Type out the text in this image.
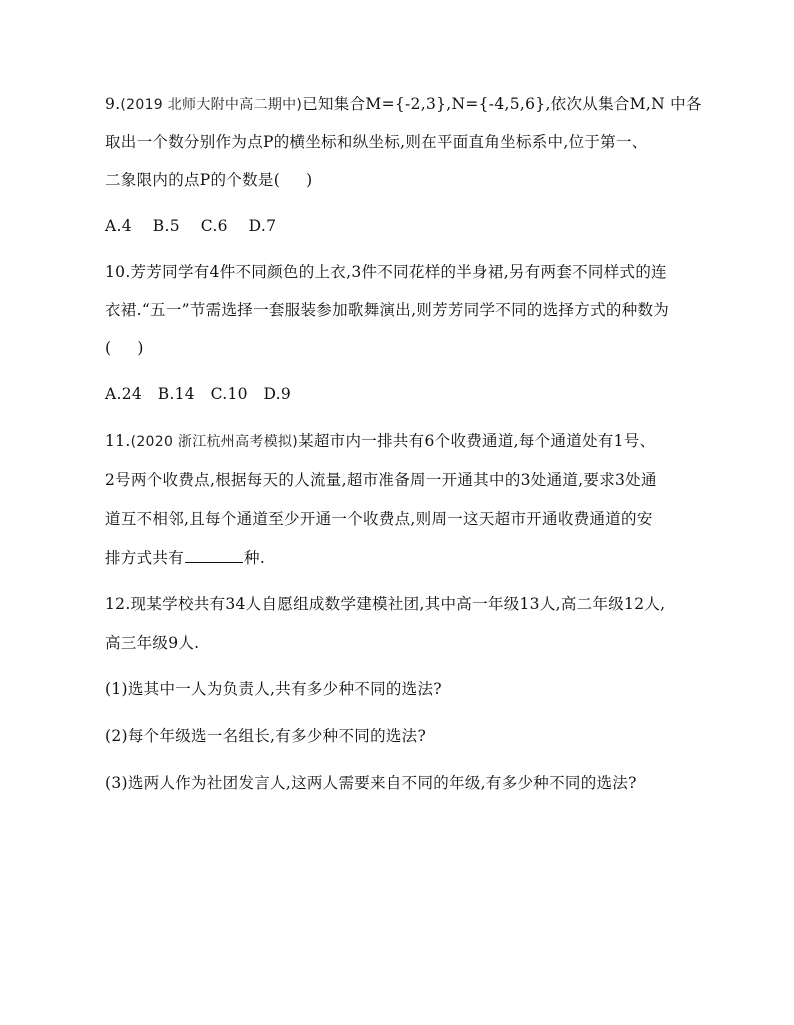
9.(2019 北师大附中高二期中)已知集合M={-2,3},N={-4,5,6},依次从集合M,N 中各
取出一个数分别作为点P的横坐标和纵坐标,则在平面直角坐标系中,位于第一、
二象限内的点P的个数是( )
A.4    B.5    C.6    D.7
10.芳芳同学有4件不同颜色的上衣,3件不同花样的半身裙,另有两套不同样式的连
衣裙.“五一”节需选择一套服装参加歌舞演出,则芳芳同学不同的选择方式的种数为
( )
A.24   B.14   C.10   D.9
11.(2020 浙江杭州高考模拟)某超市内一排共有6个收费通道,每个通道处有1号、
2号两个收费点,根据每天的人流量,超市准备周一开通其中的3处通道,要求3处通
道互不相邻,且每个通道至少开通一个收费点,则周一这天超市开通收费通道的安
排方式共有	种.
12.现某学校共有34人自愿组成数学建模社团,其中高一年级13人,高二年级12人,
高三年级9人.
(1)选其中一人为负责人,共有多少种不同的选法?
(2)每个年级选一名组长,有多少种不同的选法?
(3)选两人作为社团发言人,这两人需要来自不同的年级,有多少种不同的选法?
